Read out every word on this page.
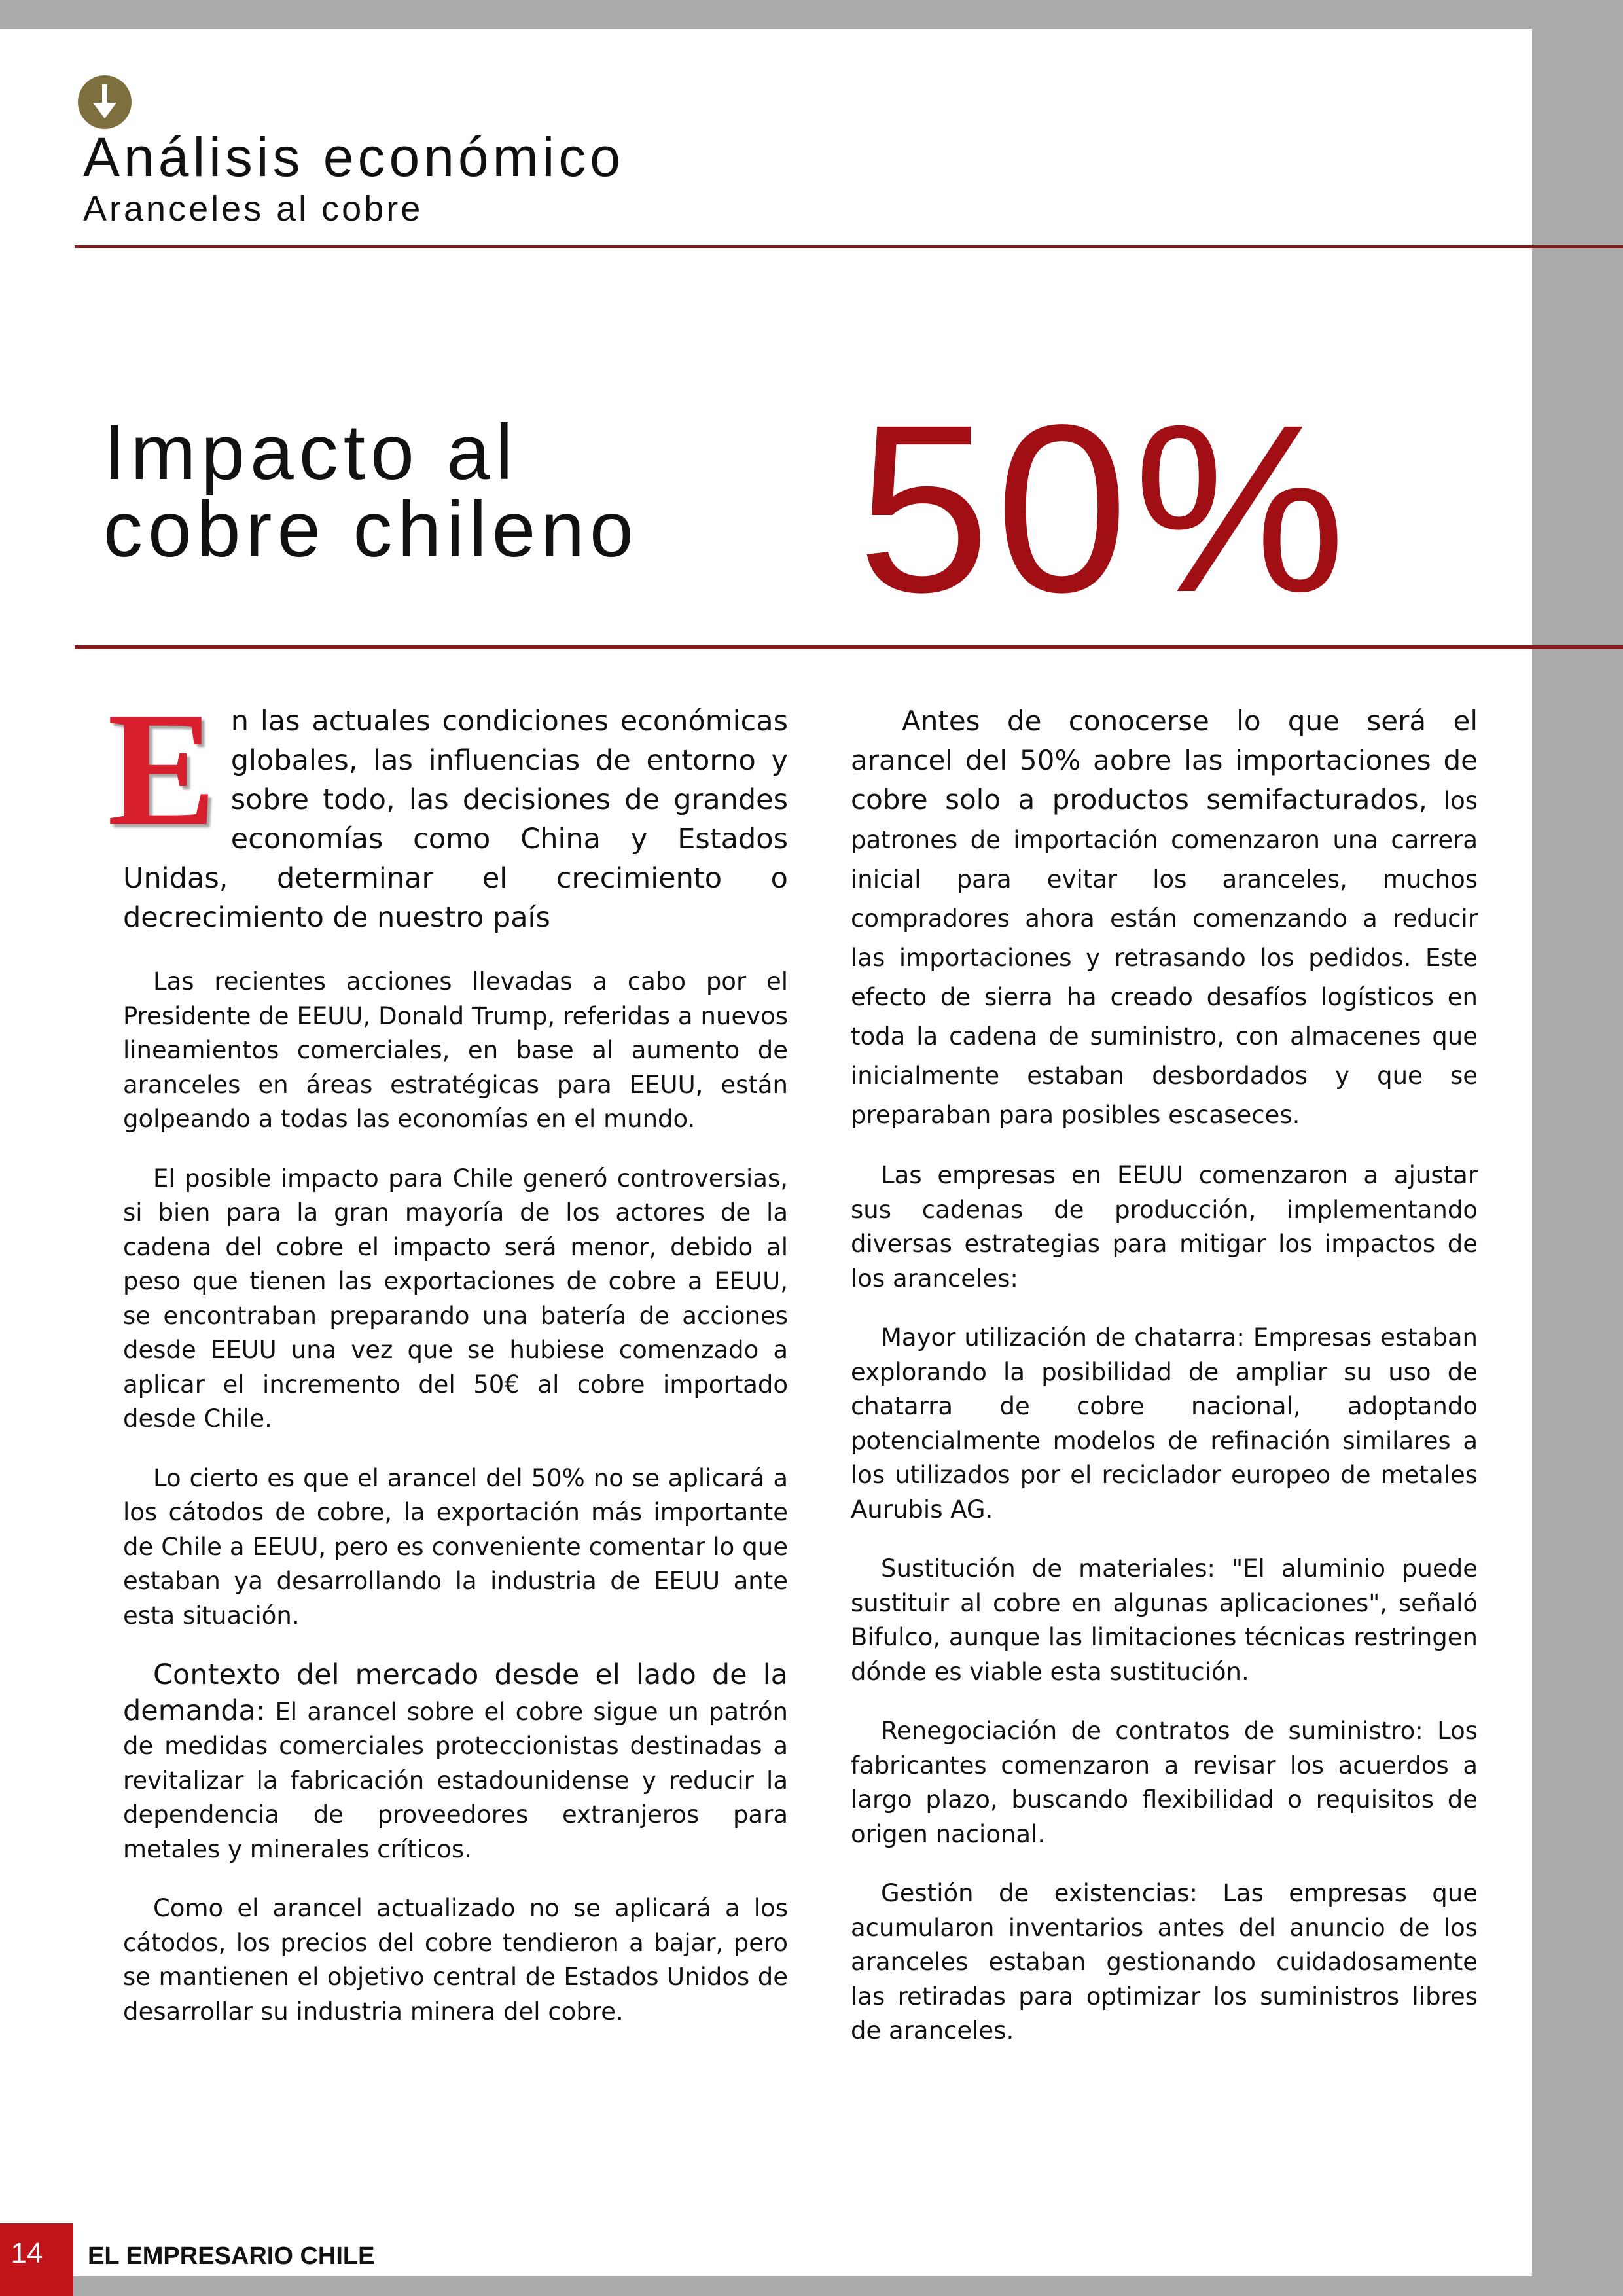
Análisis económico
Aranceles al cobre
Impacto al
cobre chileno 50%

En las actuales condiciones económicas globales, las influencias de entorno y sobre todo, las decisiones de grandes economías como China y Estados Unidas, determinar el crecimiento o decrecimiento de nuestro país

Las recientes acciones llevadas a cabo por el Presidente de EEUU, Donald Trump, referidas a nuevos lineamientos comerciales, en base al aumento de aranceles en áreas estratégicas para EEUU, están golpeando a todas las economías en el mundo.

El posible impacto para Chile generó controversias, si bien para la gran mayoría de los actores de la cadena del cobre el impacto será menor, debido al peso que tienen las exportaciones de cobre a EEUU, se encontraban preparando una batería de acciones desde EEUU una vez que se hubiese comenzado a aplicar el incremento del 50€ al cobre importado desde Chile.

Lo cierto es que el arancel del 50% no se aplicará a los cátodos de cobre, la exportación más importante de Chile a EEUU, pero es conveniente comentar lo que estaban ya desarrollando la industria de EEUU ante esta situación.

Contexto del mercado desde el lado de la demanda: El arancel sobre el cobre sigue un patrón de medidas comerciales proteccionistas destinadas a revitalizar la fabricación estadounidense y reducir la dependencia de proveedores extranjeros para metales y minerales críticos.

Como el arancel actualizado no se aplicará a los cátodos, los precios del cobre tendieron a bajar, pero se mantienen el objetivo central de Estados Unidos de desarrollar su industria minera del cobre.

Antes de conocerse lo que será el arancel del 50% aobre las importaciones de cobre solo a productos semifacturados, los patrones de importación comenzaron una carrera inicial para evitar los aranceles, muchos compradores ahora están comenzando a reducir las importaciones y retrasando los pedidos. Este efecto de sierra ha creado desafíos logísticos en toda la cadena de suministro, con almacenes que inicialmente estaban desbordados y que se preparaban para posibles escaseces.

Las empresas en EEUU comenzaron a ajustar sus cadenas de producción, implementando diversas estrategias para mitigar los impactos de los aranceles:

Mayor utilización de chatarra: Empresas estaban explorando la posibilidad de ampliar su uso de chatarra de cobre nacional, adoptando potencialmente modelos de refinación similares a los utilizados por el reciclador europeo de metales Aurubis AG.

Sustitución de materiales: "El aluminio puede sustituir al cobre en algunas aplicaciones", señaló Bifulco, aunque las limitaciones técnicas restringen dónde es viable esta sustitución.

Renegociación de contratos de suministro: Los fabricantes comenzaron a revisar los acuerdos a largo plazo, buscando flexibilidad o requisitos de origen nacional.

Gestión de existencias: Las empresas que acumularon inventarios antes del anuncio de los aranceles estaban gestionando cuidadosamente las retiradas para optimizar los suministros libres de aranceles.

14	EL EMPRESARIO CHILE
